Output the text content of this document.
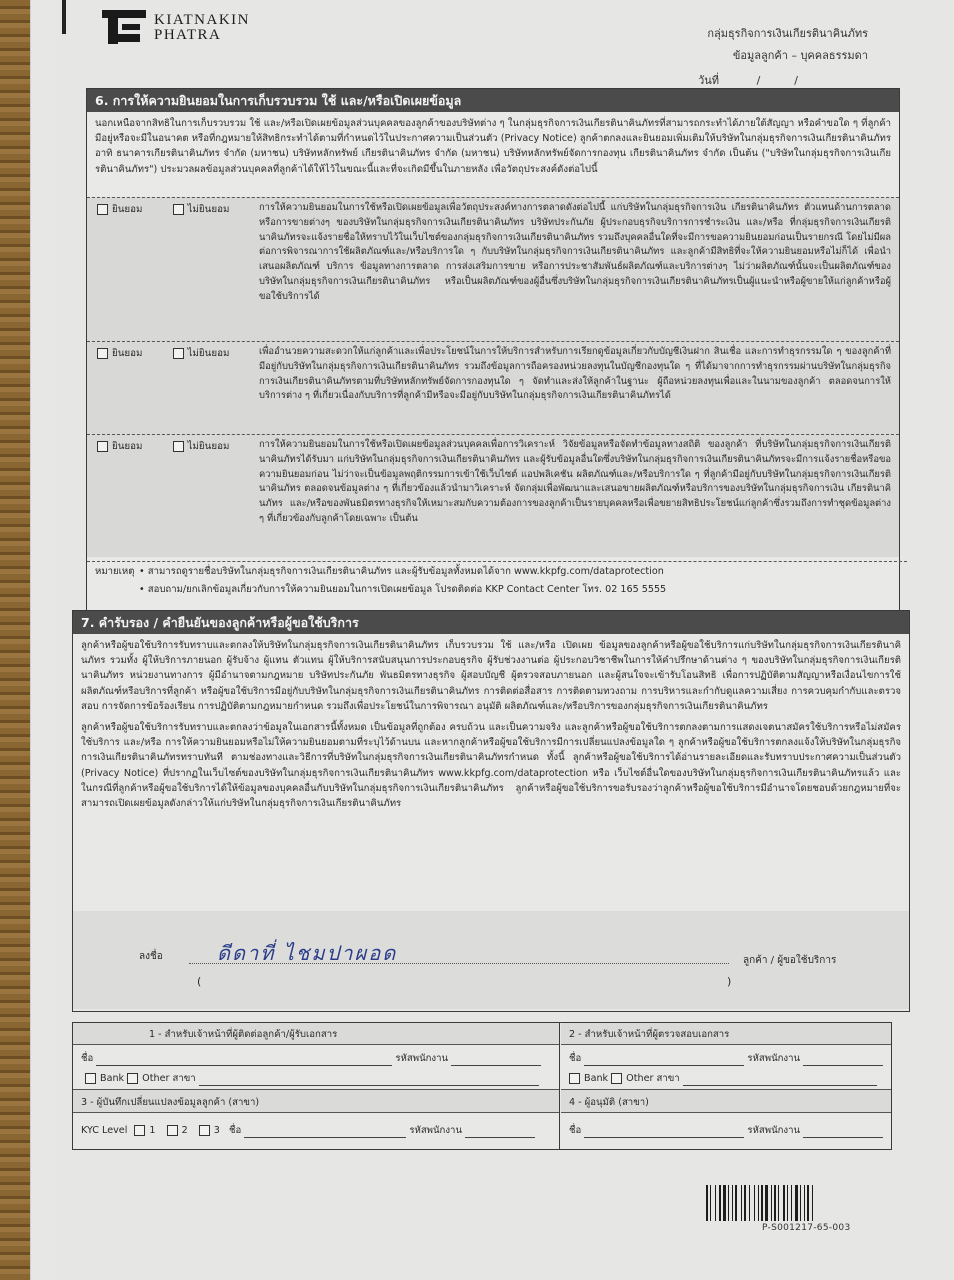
KIATNAKIN
PHATRA	กลุ่มธุรกิจการเงินเกียรตินาคินภัทร
ข้อมูลลูกค้า – บุคคลธรรมดา
วันที่	/	/
6. การให้ความยินยอมในการเก็บรวบรวม ใช้ และ/หรือเปิดเผยข้อมูล
นอกเหนือจากสิทธิในการเก็บรวบรวม ใช้ และ/หรือเปิดเผยข้อมูลส่วนบุคคลของลูกค้าของบริษัทต่าง ๆ ในกลุ่มธุรกิจการเงินเกียรตินาคินภัทรที่สามารถกระทำได้ภายใต้สัญญา หรือคำขอใด ๆ ที่ลูกค้ามีอยู่หรือจะมีในอนาคต หรือที่กฎหมายให้สิทธิกระทำได้ตามที่กำหนดไว้ในประกาศความเป็นส่วนตัว (Privacy Notice) ลูกค้าตกลงและยินยอมเพิ่มเติมให้บริษัทในกลุ่มธุรกิจการเงินเกียรตินาคินภัทร อาทิ ธนาคารเกียรตินาคินภัทร จำกัด (มหาชน) บริษัทหลักทรัพย์ เกียรตินาคินภัทร จำกัด (มหาชน) บริษัทหลักทรัพย์จัดการกองทุน เกียรตินาคินภัทร จำกัด เป็นต้น ("บริษัทในกลุ่มธุรกิจการเงินเกียรตินาคินภัทร") ประมวลผลข้อมูลส่วนบุคคลที่ลูกค้าได้ให้ไว้ในขณะนี้และที่จะเกิดมีขึ้นในภายหลัง เพื่อวัตถุประสงค์ดังต่อไปนี้
ยินยอม	ไม่ยินยอม	การให้ความยินยอมในการใช้หรือเปิดเผยข้อมูลเพื่อวัตถุประสงค์ทางการตลาดดังต่อไปนี้ แก่บริษัทในกลุ่มธุรกิจการเงิน เกียรตินาคินภัทร ตัวแทนด้านการตลาดหรือการขายต่างๆ ของบริษัทในกลุ่มธุรกิจการเงินเกียรตินาคินภัทร บริษัทประกันภัย ผู้ประกอบธุรกิจบริการการชำระเงิน และ/หรือ ที่กลุ่มธุรกิจการเงินเกียรตินาคินภัทรจะแจ้งรายชื่อให้ทราบไว้ในเว็บไซต์ของกลุ่มธุรกิจการเงินเกียรตินาคินภัทร รวมถึงบุคคลอื่นใดที่จะมีการขอความยินยอมก่อนเป็นรายกรณี โดยไม่มีผลต่อการพิจารณาการใช้ผลิตภัณฑ์และ/หรือบริการใด ๆ กับบริษัทในกลุ่มธุรกิจการเงินเกียรตินาคินภัทร และลูกค้ามีสิทธิที่จะให้ความยินยอมหรือไม่ก็ได้ เพื่อนำเสนอผลิตภัณฑ์ บริการ ข้อมูลทางการตลาด การส่งเสริมการขาย หรือการประชาสัมพันธ์ผลิตภัณฑ์และบริการต่างๆ ไม่ว่าผลิตภัณฑ์นั้นจะเป็นผลิตภัณฑ์ของบริษัทในกลุ่มธุรกิจการเงินเกียรตินาคินภัทร หรือเป็นผลิตภัณฑ์ของผู้อื่นซึ่งบริษัทในกลุ่มธุรกิจการเงินเกียรตินาคินภัทรเป็นผู้แนะนำหรือผู้ขายให้แก่ลูกค้าหรือผู้ขอใช้บริการได้
ยินยอม	ไม่ยินยอม	เพื่ออำนวยความสะดวกให้แก่ลูกค้าและเพื่อประโยชน์ในการให้บริการสำหรับการเรียกดูข้อมูลเกี่ยวกับบัญชีเงินฝาก สินเชื่อ และการทำธุรกรรมใด ๆ ของลูกค้าที่มีอยู่กับบริษัทในกลุ่มธุรกิจการเงินเกียรตินาคินภัทร รวมถึงข้อมูลการถือครองหน่วยลงทุนในบัญชีกองทุนใด ๆ ที่ได้มาจากการทำธุรกรรมผ่านบริษัทในกลุ่มธุรกิจการเงินเกียรตินาคินภัทรตามที่บริษัทหลักทรัพย์จัดการกองทุนใด ๆ จัดทำและส่งให้ลูกค้าในฐานะ ผู้ถือหน่วยลงทุนเพื่อและในนามของลูกค้า ตลอดจนการให้บริการต่าง ๆ ที่เกี่ยวเนื่องกับบริการที่ลูกค้ามีหรือจะมีอยู่กับบริษัทในกลุ่มธุรกิจการเงินเกียรตินาคินภัทรได้
ยินยอม	ไม่ยินยอม	การให้ความยินยอมในการใช้หรือเปิดเผยข้อมูลส่วนบุคคลเพื่อการวิเคราะห์ วิจัยข้อมูลหรือจัดทำข้อมูลทางสถิติ ของลูกค้า ที่บริษัทในกลุ่มธุรกิจการเงินเกียรตินาคินภัทรได้รับมา แก่บริษัทในกลุ่มธุรกิจการเงินเกียรตินาคินภัทร และผู้รับข้อมูลอื่นใดซึ่งบริษัทในกลุ่มธุรกิจการเงินเกียรตินาคินภัทรจะมีการแจ้งรายชื่อหรือขอความยินยอมก่อน ไม่ว่าจะเป็นข้อมูลพฤติกรรมการเข้าใช้เว็บไซต์ แอปพลิเคชัน ผลิตภัณฑ์และ/หรือบริการใด ๆ ที่ลูกค้ามีอยู่กับบริษัทในกลุ่มธุรกิจการเงินเกียรตินาคินภัทร ตลอดจนข้อมูลต่าง ๆ ที่เกี่ยวข้องแล้วนำมาวิเคราะห์ จัดกลุ่มเพื่อพัฒนาและเสนอขายผลิตภัณฑ์หรือบริการของบริษัทในกลุ่มธุรกิจการเงิน เกียรตินาคินภัทร และ/หรือของพันธมิตรทางธุรกิจให้เหมาะสมกับความต้องการของลูกค้าเป็นรายบุคคลหรือเพื่อขยายสิทธิประโยชน์แก่ลูกค้าซึ่งรวมถึงการทำชุดข้อมูลต่าง ๆ ที่เกี่ยวข้องกับลูกค้าโดยเฉพาะ เป็นต้น
หมายเหตุ • สามารถดูรายชื่อบริษัทในกลุ่มธุรกิจการเงินเกียรตินาคินภัทร และผู้รับข้อมูลทั้งหมดได้จาก www.kkpfg.com/dataprotection
• สอบถาม/ยกเลิกข้อมูลเกี่ยวกับการให้ความยินยอมในการเปิดเผยข้อมูล โปรดติดต่อ KKP Contact Center โทร. 02 165 5555
7. คำรับรอง / คำยืนยันของลูกค้าหรือผู้ขอใช้บริการ
ลูกค้าหรือผู้ขอใช้บริการรับทราบและตกลงให้บริษัทในกลุ่มธุรกิจการเงินเกียรตินาคินภัทร เก็บรวบรวม ใช้ และ/หรือ เปิดเผย ข้อมูลของลูกค้าหรือผู้ขอใช้บริการแก่บริษัทในกลุ่มธุรกิจการเงินเกียรตินาคินภัทร รวมทั้ง ผู้ให้บริการภายนอก ผู้รับจ้าง ผู้แทน ตัวแทน ผู้ให้บริการสนับสนุนการประกอบธุรกิจ ผู้รับช่วงงานต่อ ผู้ประกอบวิชาชีพในการให้คำปรึกษาด้านต่าง ๆ ของบริษัทในกลุ่มธุรกิจการเงินเกียรตินาคินภัทร หน่วยงานทางการ ผู้มีอำนาจตามกฎหมาย บริษัทประกันภัย พันธมิตรทางธุรกิจ ผู้สอบบัญชี ผู้ตรวจสอบภายนอก และผู้สนใจจะเข้ารับโอนสิทธิ เพื่อการปฏิบัติตามสัญญาหรือเงื่อนไขการใช้ผลิตภัณฑ์หรือบริการที่ลูกค้า หรือผู้ขอใช้บริการมีอยู่กับบริษัทในกลุ่มธุรกิจการเงินเกียรตินาคินภัทร การติดต่อสื่อสาร การติดตามทวงถาม การบริหารและกำกับดูแลความเสี่ยง การควบคุมกำกับและตรวจสอบ การจัดการข้อร้องเรียน การปฏิบัติตามกฎหมายกำหนด รวมถึงเพื่อประโยชน์ในการพิจารณา อนุมัติ ผลิตภัณฑ์และ/หรือบริการของกลุ่มธุรกิจการเงินเกียรตินาคินภัทร
ลูกค้าหรือผู้ขอใช้บริการรับทราบและตกลงว่าข้อมูลในเอกสารนี้ทั้งหมด เป็นข้อมูลที่ถูกต้อง ครบถ้วน และเป็นความจริง และลูกค้าหรือผู้ขอใช้บริการตกลงตามการแสดงเจตนาสมัครใช้บริการหรือไม่สมัครใช้บริการ และ/หรือ การให้ความยินยอมหรือไม่ให้ความยินยอมตามที่ระบุไว้ด้านบน และหากลูกค้าหรือผู้ขอใช้บริการมีการเปลี่ยนแปลงข้อมูลใด ๆ ลูกค้าหรือผู้ขอใช้บริการตกลงแจ้งให้บริษัทในกลุ่มธุรกิจการเงินเกียรตินาคินภัทรทราบทันที ตามช่องทางและวิธีการที่บริษัทในกลุ่มธุรกิจการเงินเกียรตินาคินภัทรกำหนด ทั้งนี้ ลูกค้าหรือผู้ขอใช้บริการได้อ่านรายละเอียดและรับทราบประกาศความเป็นส่วนตัว (Privacy Notice) ที่ปรากฏในเว็บไซต์ของบริษัทในกลุ่มธุรกิจการเงินเกียรตินาคินภัทร www.kkpfg.com/dataprotection หรือ เว็บไซต์อื่นใดของบริษัทในกลุ่มธุรกิจการเงินเกียรตินาคินภัทรแล้ว และในกรณีที่ลูกค้าหรือผู้ขอใช้บริการได้ให้ข้อมูลของบุคคลอื่นกับบริษัทในกลุ่มธุรกิจการเงินเกียรตินาคินภัทร ลูกค้าหรือผู้ขอใช้บริการขอรับรองว่าลูกค้าหรือผู้ขอใช้บริการมีอำนาจโดยชอบด้วยกฎหมายที่จะสามารถเปิดเผยข้อมูลดังกล่าวให้แก่บริษัทในกลุ่มธุรกิจการเงินเกียรตินาคินภัทร
ลงชื่อ	ดีดาที่ ไชมปาผอด	ลูกค้า / ผู้ขอใช้บริการ
(	)
1 - สำหรับเจ้าหน้าที่ผู้ติดต่อลูกค้า/ผู้รับเอกสาร
ชื่อ	รหัสพนักงาน
Bank Other สาขา
3 - ผู้บันทึกเปลี่ยนแปลงข้อมูลลูกค้า (สาขา)
KYC Level 1	2	3 ชื่อ	รหัสพนักงาน
2 - สำหรับเจ้าหน้าที่ผู้ตรวจสอบเอกสาร
ชื่อ	รหัสพนักงาน
Bank Other สาขา
4 - ผู้อนุมัติ (สาขา)
ชื่อ	รหัสพนักงาน
P-S001217-65-003
